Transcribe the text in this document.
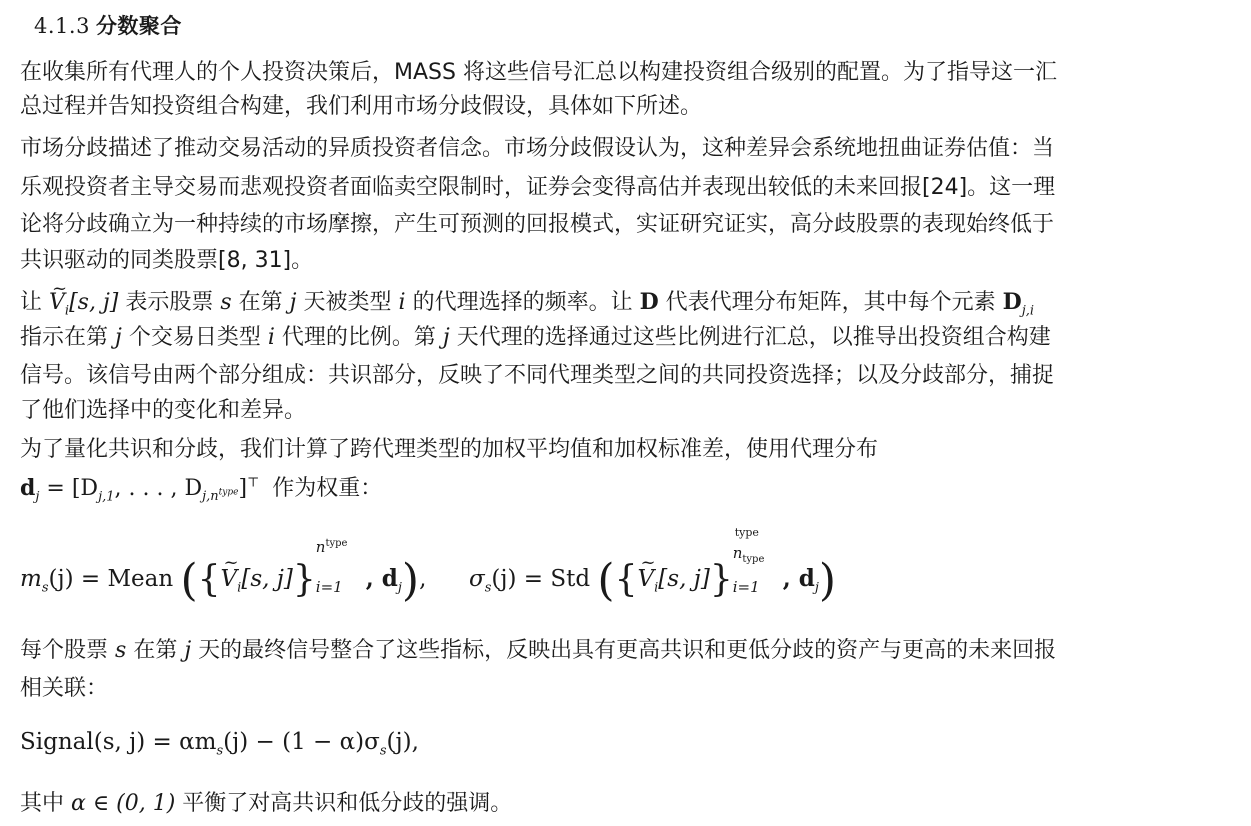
4.1.3 分数聚合
在收集所有代理人的个人投资决策后，MASS 将这些信号汇总以构建投资组合级别的配置。为了指导这一汇
总过程并告知投资组合构建，我们利用市场分歧假设，具体如下所述。
市场分歧描述了推动交易活动的异质投资者信念。市场分歧假设认为，这种差异会系统地扭曲证券估值：当
乐观投资者主导交易而悲观投资者面临卖空限制时，证券会变得高估并表现出较低的未来回报[24]。这一理
论将分歧确立为一种持续的市场摩擦，产生可预测的回报模式，实证研究证实，高分歧股票的表现始终低于
共识驱动的同类股票[8, 31]。
让 ~ $V_i[s$, j] 表示股票 s 在第 j 天被类型 i 的代理选择的频率。让 D 代表代理分布矩阵，其中每个元素 $D_{j,i}$
指示在第 j 个交易日类型 i 代理的比例。第 j 天代理的选择通过这些比例进行汇总，以推导出投资组合构建
信号。该信号由两个部分组成：共识部分，反映了不同代理类型之间的共同投资选择；以及分歧部分，捕捉
了他们选择中的变化和差异。
为了量化共识和分歧，我们计算了跨代理类型的加权平均值和加权标准差，使用代理分布
$d_j = [D_{j,1}$, . . . , $D_{j,n^{type}}]^⊤$ 作为权重：
$m_s(j)$ = Mean ({~ $V_i[s$, j]}
$n^{type}$
i=1 , $d_j$), $\sigma_s(j)$ = Std ({~ $V_i[s$, j]}
type
$n_{type}$
i=1 , $d_j$)
每个股票 s 在第 j 天的最终信号整合了这些指标，反映出具有更高共识和更低分歧的资产与更高的未来回报
相关联：
Signal(s, $j) = \alpha m_s(j) - (1 - \alpha)\sigma_s(j)$,
其中 α ∈ (0, 1) 平衡了对高共识和低分歧的强调。
